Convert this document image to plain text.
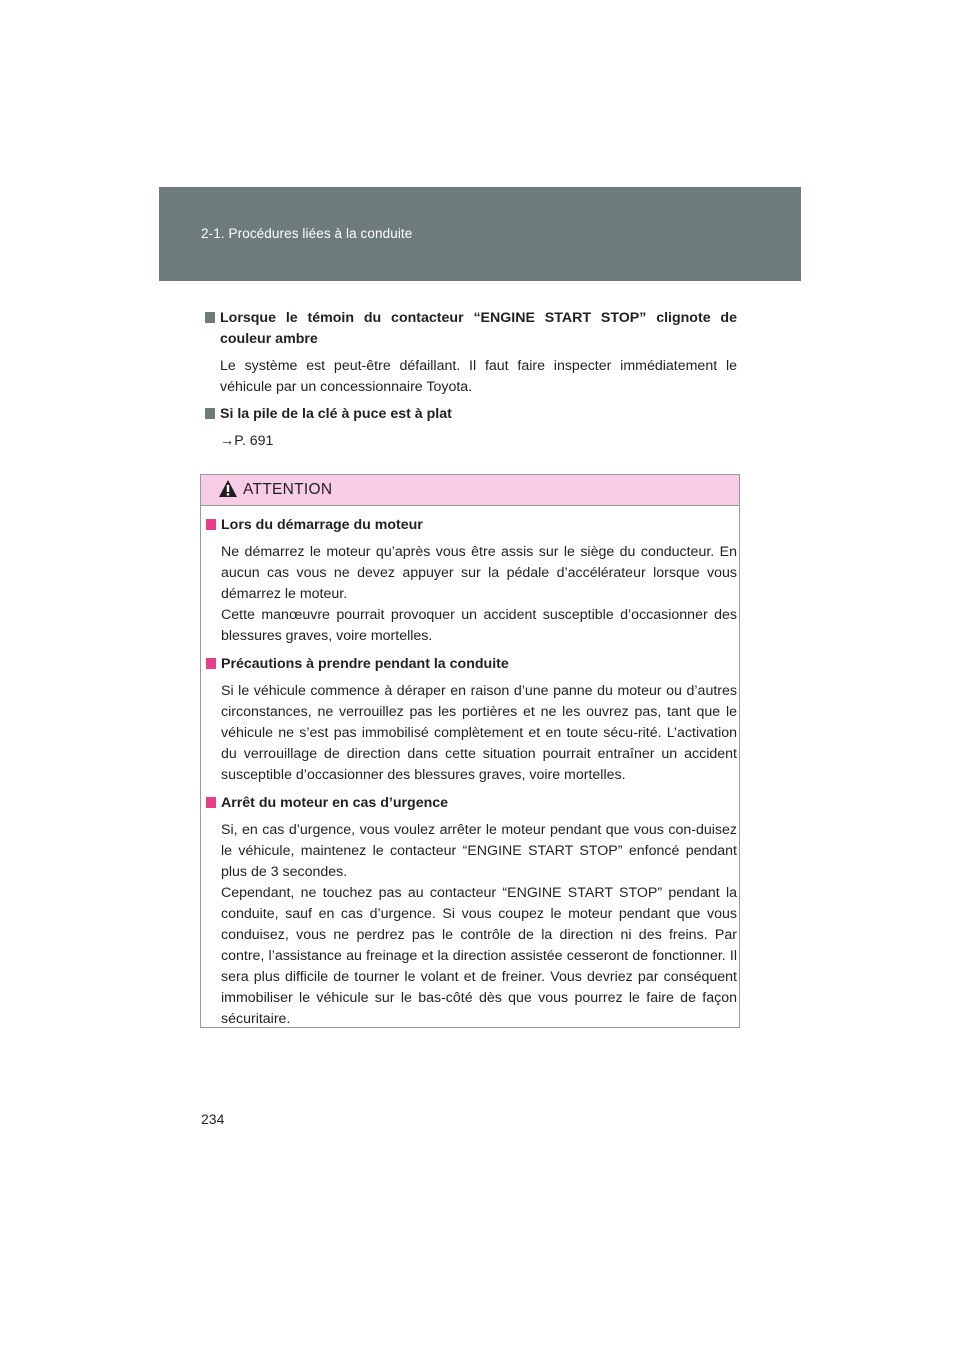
2-1. Procédures liées à la conduite
Lorsque le témoin du contacteur “ENGINE START STOP” clignote de couleur ambre
Le système est peut-être défaillant. Il faut faire inspecter immédiatement le véhicule par un concessionnaire Toyota.
Si la pile de la clé à puce est à plat
→P. 691
ATTENTION
Lors du démarrage du moteur
Ne démarrez le moteur qu’après vous être assis sur le siège du conducteur. En aucun cas vous ne devez appuyer sur la pédale d’accélérateur lorsque vous démarrez le moteur.
Cette manœuvre pourrait provoquer un accident susceptible d’occasionner des blessures graves, voire mortelles.
Précautions à prendre pendant la conduite
Si le véhicule commence à déraper en raison d’une panne du moteur ou d’autres circonstances, ne verrouillez pas les portières et ne les ouvrez pas, tant que le véhicule ne s’est pas immobilisé complètement et en toute sécu-rité. L’activation du verrouillage de direction dans cette situation pourrait entraîner un accident susceptible d’occasionner des blessures graves, voire mortelles.
Arrêt du moteur en cas d’urgence
Si, en cas d’urgence, vous voulez arrêter le moteur pendant que vous con-duisez le véhicule, maintenez le contacteur “ENGINE START STOP” enfoncé pendant plus de 3 secondes.
Cependant, ne touchez pas au contacteur “ENGINE START STOP” pendant la conduite, sauf en cas d’urgence. Si vous coupez le moteur pendant que vous conduisez, vous ne perdrez pas le contrôle de la direction ni des freins. Par contre, l’assistance au freinage et la direction assistée cesseront de fonctionner. Il sera plus difficile de tourner le volant et de freiner. Vous devriez par conséquent immobiliser le véhicule sur le bas-côté dès que vous pourrez le faire de façon sécuritaire.
234
